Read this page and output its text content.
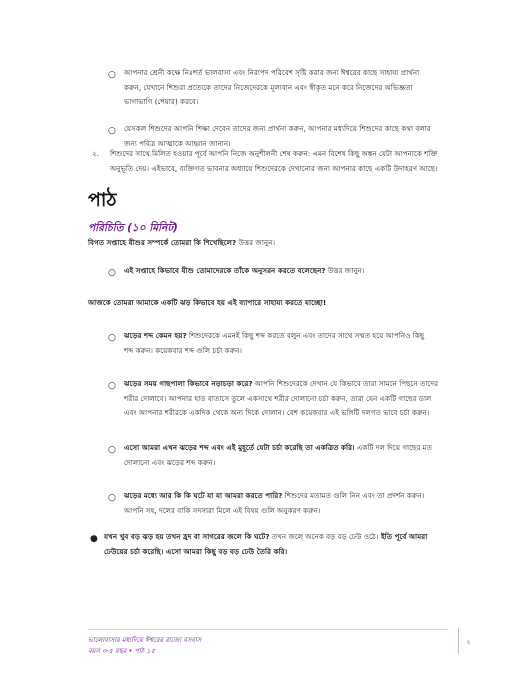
○ আপনার শ্রেনী কক্ষে নিঃশর্ত ভালবাসা এবং নিরাপদ পরিবেশ সৃষ্টি করার জন্য ঈশ্বরের কাছে সাহায্য প্রার্থনা
করুন, যেখানে শিশুরা প্রত্যেকে তাদের নিজেদেরকে মূল্যবান এবং স্বীকৃত মনে করে নিজেদের অভিজ্ঞতা
ভাগাভাগি (শেয়ার) করবে।
○ যেসকল শিশুদের আপনি শিক্ষা দেবেন তাদের জন্য প্রার্থনা করুন, আপনার মধ্যদিয়ে শিশুদের কাছে কথা বলার
জন্য পবিত্র আত্মাকে আহ্বান জানান।
২. শিশুদের সাথে মিলিত হওয়ার পূর্বে আপনি নিজে অনুশীলনী শেষ করুন: এমন বিশেষ কিছু অঙ্কন যেটা আপনাকে শক্তি
অনুভূতি দেয়। এইভাবে, ব্যক্তিগত ভাবনার অধ্যায়ে শিশুদেরকে দেখানোর জন্য আপনার কাছে একটি উদাহরণ আছে।
পাঠ
পরিচিতি (১০ মিনিট)
বিগত সপ্তাহে যীশুর সম্পর্কে তোমরা কি শিখেছিলে? উত্তর জানুন।
○ এই সপ্তাহে কিভাবে যীশু তোমাদেরকে তাঁকে অনুসরন করতে বলেছেন? উত্তর জানুন।
আজকে তোমরা আমাকে একটি ঝড় কিভাবে হয় এই ব্যাপারে সাহায্য করতে যাচ্ছো!
○ ঝড়ের শব্দ কেমন হয়? শিশুদেরকে এমনই কিছু শব্দ করতে বলুন এবং তাদের সাথে সম্মত হয়ে আপনিও কিছু
শব্দ করুন। কয়েকবার শব্দ গুলি চর্চা করুন।
○ ঝড়ের সময় গাছপালা কিভাবে নড়াচড়া করে? আপনি শিশুদেরকে দেখান যে কিভাবে তারা সামনে পিছনে তাদের
শরীর দোলাবে। আপনার হাত বাতাসে তুলে একসাথে শরীর দোলানো চর্চা করুন, তারা যেন একটি গাছের ডাল
এবং আপনার শরীরকে একদিক থেকে অন্য দিকে দোলান। বেশ কয়েকবার এই ভঙ্গিটি দলগত ভাবে চর্চা করুন।
○ এসো আমরা এখন ঝড়ের শব্দ এবং এই মুহূর্তে যেটা চর্চা করেছি তা একত্রিত করি। একটি দল দিয়ে গাছের মত
দোলানো এবং ঝড়ের শব্দ করুন।
○ ঝড়ের মধ্যে আর কি কি ঘটে যা যা আমরা করতে পারি? শিশুদের মতামত গুলি নিন এবং তা প্রদর্শন করুন।
আপনি সহ, দলের বাকি সদস্যরা মিলে এই বিষয় গুলি অনুকরণ করুন।
● যখন খুব বড় ঝড় হয় তখন হ্রদ বা সাগরের জলে কি ঘটে? তখন জলে অনেক বড় বড় ঢেউ ওঠে। ইতি পূর্বে আমরা
ঢেউয়ের চর্চা করেছি। এসো আমরা কিছু বড় বড় ঢেউ তৈরি করি।
ভালোবাসার মধ্যদিয়ে ঈশ্বরের রাজ্যে বসবাস
বয়স ৩-৫ বছর • পাঠ ১৫
২
